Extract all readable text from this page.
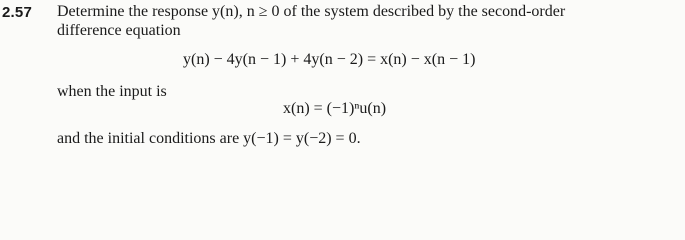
2.57 Determine the response y(n), n ≥ 0 of the system described by the second-order
difference equation
y(n) − 4y(n − 1) + 4y(n − 2) = x(n) − x(n − 1)
when the input is
x(n) = (−1)ⁿu(n)
and the initial conditions are y(−1) = y(−2) = 0.
